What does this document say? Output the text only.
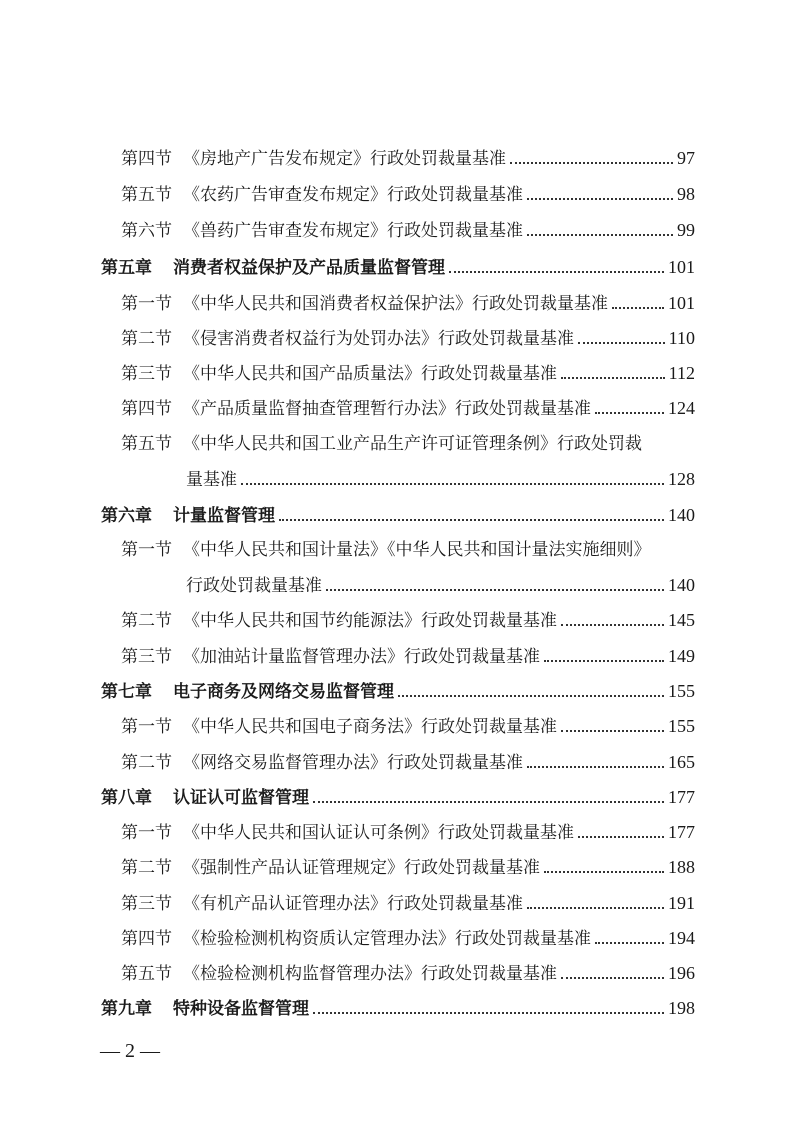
第四节 《房地产广告发布规定》行政处罚裁量基准	97
第五节 《农药广告审查发布规定》行政处罚裁量基准	98
第六节 《兽药广告审查发布规定》行政处罚裁量基准	99
第五章	消费者权益保护及产品质量监督管理	101
第一节 《中华人民共和国消费者权益保护法》行政处罚裁量基准	101
第二节 《侵害消费者权益行为处罚办法》行政处罚裁量基准	110
第三节 《中华人民共和国产品质量法》行政处罚裁量基准	112
第四节 《产品质量监督抽查管理暂行办法》行政处罚裁量基准	124
第五节 《中华人民共和国工业产品生产许可证管理条例》行政处罚裁
量基准	128
第六章	计量监督管理	140
第一节 《中华人民共和国计量法》《中华人民共和国计量法实施细则》
行政处罚裁量基准	140
第二节 《中华人民共和国节约能源法》行政处罚裁量基准	145
第三节 《加油站计量监督管理办法》行政处罚裁量基准	149
第七章	电子商务及网络交易监督管理	155
第一节 《中华人民共和国电子商务法》行政处罚裁量基准	155
第二节 《网络交易监督管理办法》行政处罚裁量基准	165
第八章	认证认可监督管理	177
第一节 《中华人民共和国认证认可条例》行政处罚裁量基准	177
第二节 《强制性产品认证管理规定》行政处罚裁量基准	188
第三节 《有机产品认证管理办法》行政处罚裁量基准	191
第四节 《检验检测机构资质认定管理办法》行政处罚裁量基准	194
第五节 《检验检测机构监督管理办法》行政处罚裁量基准	196
第九章	特种设备监督管理	198
— 2 —
